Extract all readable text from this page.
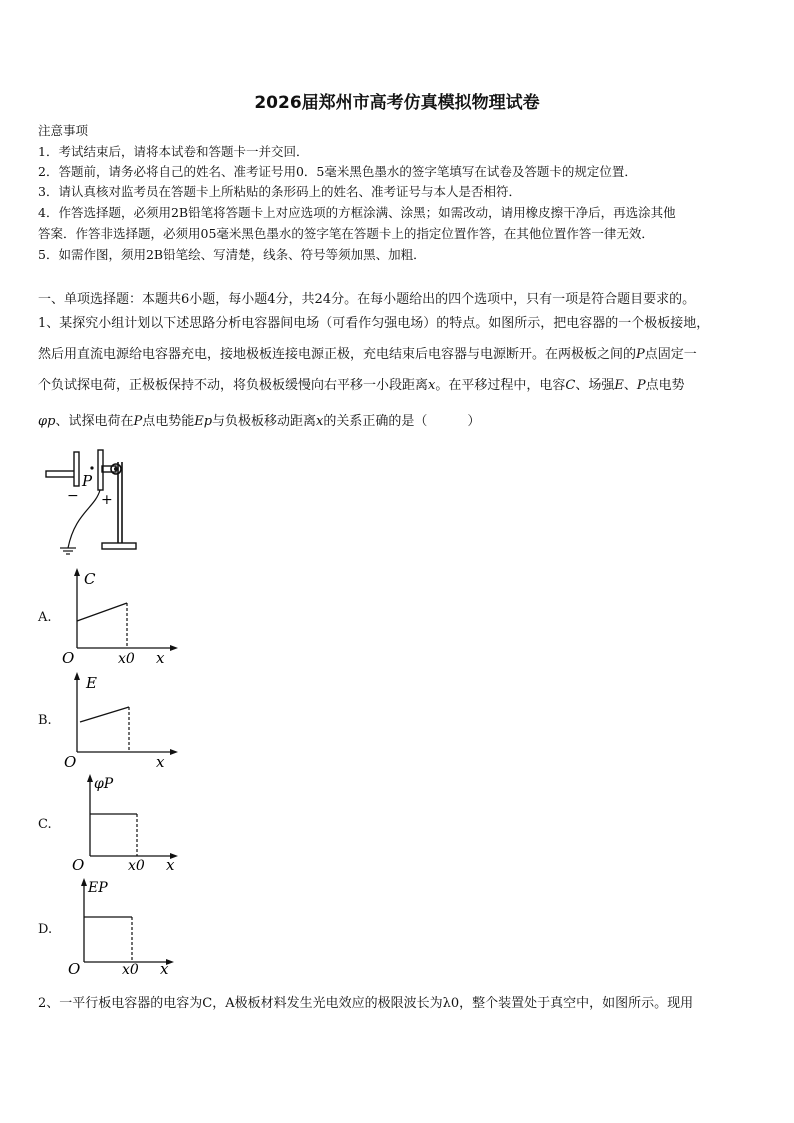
2026届郑州市高考仿真模拟物理试卷
注意事项
1．考试结束后，请将本试卷和答题卡一并交回．
2．答题前，请务必将自己的姓名、准考证号用0．5毫米黑色墨水的签字笔填写在试卷及答题卡的规定位置．
3．请认真核对监考员在答题卡上所粘贴的条形码上的姓名、准考证号与本人是否相符．
4．作答选择题，必须用2B铅笔将答题卡上对应选项的方框涂满、涂黑；如需改动，请用橡皮擦干净后，再选涂其他
答案．作答非选择题，必须用05毫米黑色墨水的签字笔在答题卡上的指定位置作答，在其他位置作答一律无效．
5．如需作图，须用2B铅笔绘、写清楚，线条、符号等须加黑、加粗．
一、单项选择题：本题共6小题，每小题4分，共24分。在每小题给出的四个选项中，只有一项是符合题目要求的。
1、某探究小组计划以下述思路分析电容器间电场（可看作匀强电场）的特点。如图所示，把电容器的一个极板接地，
然后用直流电源给电容器充电，接地极板连接电源正极，充电结束后电容器与电源断开。在两极板之间的P点固定一
个负试探电荷，正极板保持不动，将负极板缓慢向右平移一小段距离x。在平移过程中，电容C、场强E、P点电势
φp、试探电荷在P点电势能Ep与负极板移动距离x的关系正确的是（	）
P
− +
A.
C
O	x0 x
B.
E
O	x
C.
φP
O	x0 x
D.
EP
O	x0 x
2、一平行板电容器的电容为C，A极板材料发生光电效应的极限波长为λ0，整个装置处于真空中，如图所示。现用
